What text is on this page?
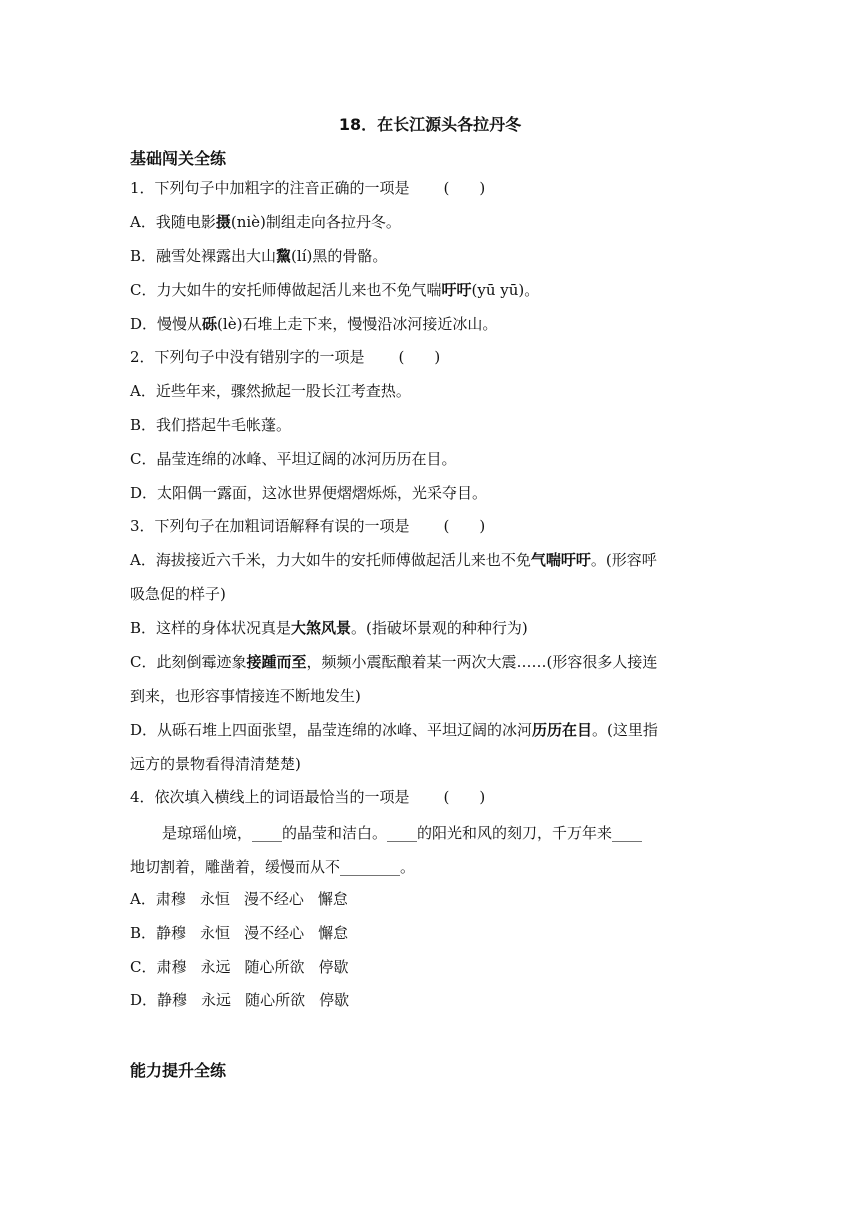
18．在长江源头各拉丹冬
基础闯关全练
1．下列句子中加粗字的注音正确的一项是 (　　)
A．我随电影摄(niè)制组走向各拉丹冬。
B．融雪处裸露出大山黧(lí)黑的骨骼。
C．力大如牛的安托师傅做起活儿来也不免气喘吁吁(yū yū)。
D．慢慢从砾(lè)石堆上走下来，慢慢沿冰河接近冰山。
2．下列句子中没有错别字的一项是 (　　)
A．近些年来，骤然掀起一股长江考查热。
B．我们搭起牛毛帐蓬。
C．晶莹连绵的冰峰、平坦辽阔的冰河历历在目。
D．太阳偶一露面，这冰世界便熠熠烁烁，光采夺目。
3．下列句子在加粗词语解释有误的一项是 (　　)
A．海拔接近六千米，力大如牛的安托师傅做起活儿来也不免气喘吁吁。(形容呼
吸急促的样子)
B．这样的身体状况真是大煞风景。(指破坏景观的种种行为)
C．此刻倒霉迹象接踵而至，频频小震酝酿着某一两次大震……(形容很多人接连
到来，也形容事情接连不断地发生)
D．从砾石堆上四面张望，晶莹连绵的冰峰、平坦辽阔的冰河历历在目。(这里指
远方的景物看得清清楚楚)
4．依次填入横线上的词语最恰当的一项是 (　　)
是琼瑶仙境，____的晶莹和洁白。____的阳光和风的刻刀，千万年来____
地切割着，雕凿着，缓慢而从不________。
A．肃穆 永恒 漫不经心 懈怠
B．静穆 永恒 漫不经心 懈怠
C．肃穆 永远 随心所欲 停歇
D．静穆 永远 随心所欲 停歇
能力提升全练
